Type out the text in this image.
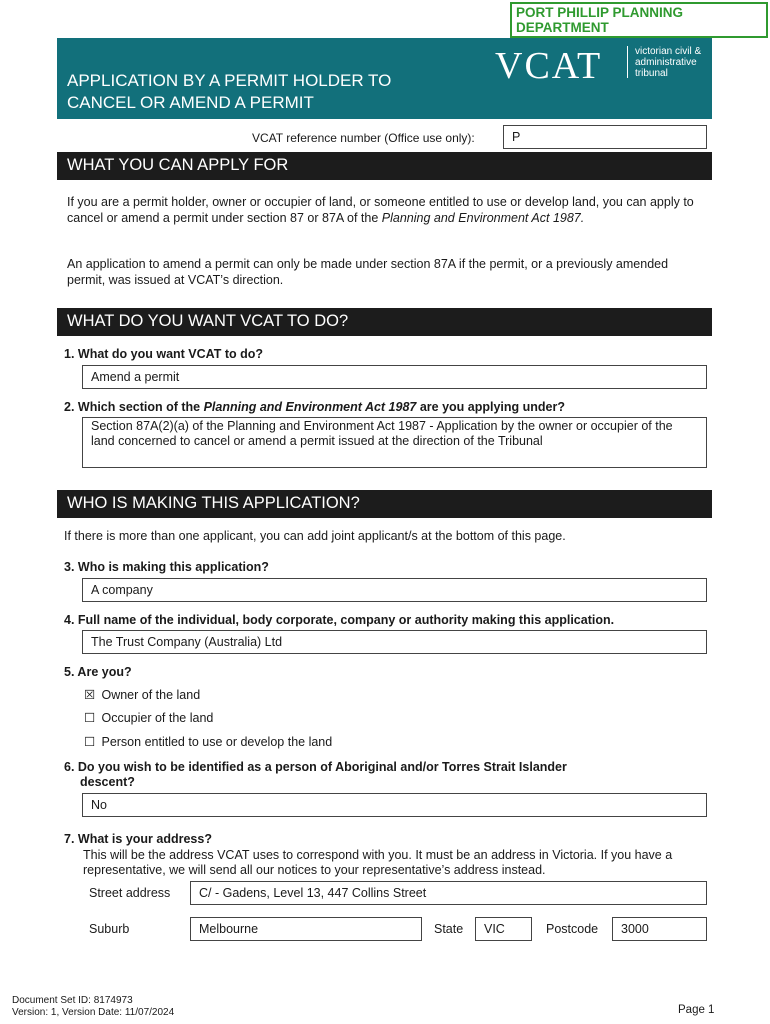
PORT PHILLIP PLANNING DEPARTMENT
APPLICATION BY A PERMIT HOLDER TO
CANCEL OR AMEND A PERMIT
VCAT	victorian civil &
administrative
tribunal
VCAT reference number (Office use only):	P
WHAT YOU CAN APPLY FOR
If you are a permit holder, owner or occupier of land, or someone entitled to use or develop land, you can apply to cancel or amend a permit under section 87 or 87A of the Planning and Environment Act 1987.
An application to amend a permit can only be made under section 87A if the permit, or a previously amended permit, was issued at VCAT’s direction.
WHAT DO YOU WANT VCAT TO DO?
1. What do you want VCAT to do?
Amend a permit
2. Which section of the Planning and Environment Act 1987 are you applying under?
Section 87A(2)(a) of the Planning and Environment Act 1987 - Application by the owner or occupier of the land concerned to cancel or amend a permit issued at the direction of the Tribunal
WHO IS MAKING THIS APPLICATION?
If there is more than one applicant, you can add joint applicant/s at the bottom of this page.
3. Who is making this application?
A company
4. Full name of the individual, body corporate, company or authority making this application.
The Trust Company (Australia) Ltd
5. Are you?
☒ Owner of the land
☐ Occupier of the land
☐ Person entitled to use or develop the land
6. Do you wish to be identified as a person of Aboriginal and/or Torres Strait Islander
descent?
No
7. What is your address?
This will be the address VCAT uses to correspond with you. It must be an address in Victoria. If you have a representative, we will send all our notices to your representative’s address instead.
Street address	C/ - Gadens, Level 13, 447 Collins Street
Suburb	Melbourne	State	VIC	Postcode	3000
Document Set ID: 8174973
Version: 1, Version Date: 11/07/2024	Page 1
